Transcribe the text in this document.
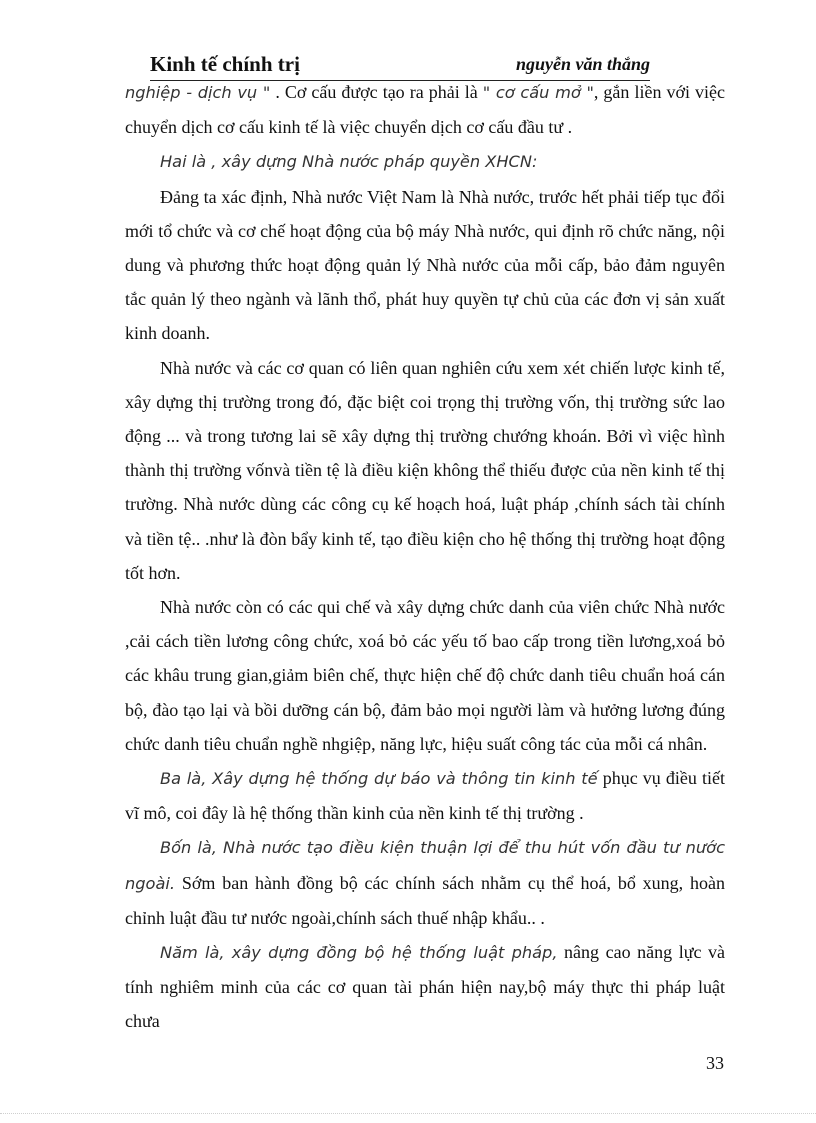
Kinh tế chính trị	nguyễn văn thắng

nghiệp - dịch vụ " . Cơ cấu được tạo ra phải là " cơ cấu mở ", gắn liền với việc chuyển dịch cơ cấu kinh tế là việc chuyển dịch cơ cấu đầu tư .

Hai là , xây dựng Nhà nước pháp quyền XHCN:

Đảng ta xác định, Nhà nước Việt Nam là Nhà nước, trước hết phải tiếp tục đổi mới tổ chức và cơ chế hoạt động của bộ máy Nhà nước, qui định rõ chức năng, nội dung và phương thức hoạt động quản lý Nhà nước của mỗi cấp, bảo đảm nguyên tắc quản lý theo ngành và lãnh thổ, phát huy quyền tự chủ của các đơn vị sản xuất kinh doanh.

Nhà nước và các cơ quan có liên quan nghiên cứu xem xét chiến lược kinh tế, xây dựng thị trường trong đó, đặc biệt coi trọng thị trường vốn, thị trường sức lao động ... và trong tương lai sẽ xây dựng thị trường chướng khoán. Bởi vì việc hình thành thị trường vốnvà tiền tệ là điều kiện không thể thiếu được của nền kinh tế thị trường. Nhà nước dùng các công cụ kế hoạch hoá, luật pháp ,chính sách tài chính và tiền tệ.. .như là đòn bẩy kinh tế, tạo điều kiện cho hệ thống thị trường hoạt động tốt hơn.

Nhà nước còn có các qui chế và xây dựng chức danh của viên chức Nhà nước ,cải cách tiền lương công chức, xoá bỏ các yếu tố bao cấp trong tiền lương,xoá bỏ các khâu trung gian,giảm biên chế, thực hiện chế độ chức danh tiêu chuẩn hoá cán bộ, đào tạo lại và bồi dưỡng cán bộ, đảm bảo mọi người làm và hưởng lương đúng chức danh tiêu chuẩn nghề nhgiệp, năng lực, hiệu suất công tác của mỗi cá nhân.

Ba là, Xây dựng hệ thống dự báo và thông tin kinh tế phục vụ điều tiết vĩ mô, coi đây là hệ thống thần kinh của nền kinh tế thị trường .

Bốn là, Nhà nước tạo điều kiện thuận lợi để thu hút vốn đầu tư nước ngoài. Sớm ban hành đồng bộ các chính sách nhằm cụ thể hoá, bổ xung, hoàn chỉnh luật đầu tư nước ngoài,chính sách thuế nhập khẩu.. .

Năm là, xây dựng đồng bộ hệ thống luật pháp, nâng cao năng lực và tính nghiêm minh của các cơ quan tài phán hiện nay,bộ máy thực thi pháp luật chưa

33
